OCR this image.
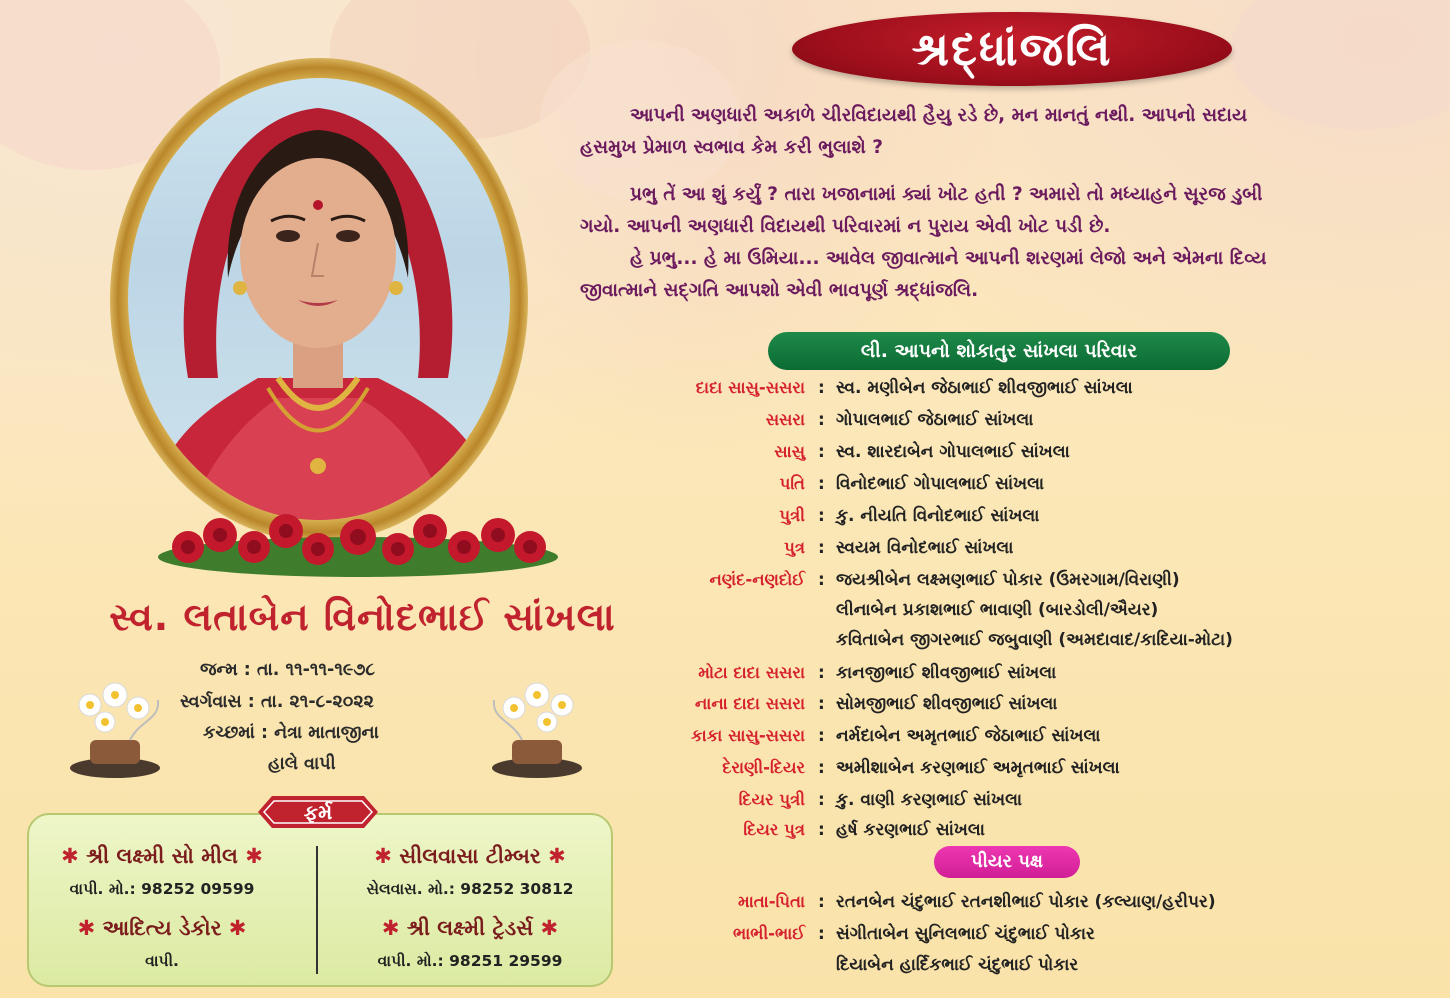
શ્રદ્ધાંજલિ
આપની અણધારી અકાળે ચીરવિદાયથી હૈયુ રડે છે, મન માનતું નથી. આપનો સદાય
હસમુખ પ્રેમાળ સ્વભાવ કેમ કરી ભુલાશે ?
પ્રભુ તેં આ શું કર્યું ? તારા ખજાનામાં ક્યાં ખોટ હતી ? અમારો તો મધ્યાહને સૂરજ ડુબી
ગયો. આપની અણધારી વિદાયથી પરિવારમાં ન પુરાય એવી ખોટ પડી છે.
હે પ્રભુ... હે મા ઉમિયા... આવેલ જીવાત્માને આપની શરણમાં લેજો અને એમના દિવ્ય
જીવાત્માને સદ્ગતિ આપશો એવી ભાવપૂર્ણ શ્રદ્ધાંજલિ.
સ્વ. લતાબેન વિનોદભાઈ સાંખલા
જન્મ : તા. ૧૧-૧૧-૧૯૭૮
સ્વર્ગવાસ : તા. ૨૧-૮-૨૦૨૨
કચ્છમાં : નેત્રા માતાજીના
હાલે વાપી
ફર્મ
✱ શ્રી લક્ષ્મી સો મીલ ✱
વાપી. મો.: 98252 09599
✱ સીલવાસા ટીમ્બર ✱
સેલવાસ. મો.: 98252 30812
✱ આદિત્ય ડેકોર ✱
વાપી.
✱ શ્રી લક્ષ્મી ટ્રેડર્સ ✱
વાપી. મો.: 98251 29599
લી. આપનો શોકાતુર સાંખલા પરિવાર
દાદા સાસુ-સસરા : સ્વ. મણીબેન જેઠાભાઈ શીવજીભાઈ સાંખલા
સસરા : ગોપાલભાઈ જેઠાભાઈ સાંખલા
સાસુ : સ્વ. શારદાબેન ગોપાલભાઈ સાંખલા
પતિ : વિનોદભાઈ ગોપાલભાઈ સાંખલા
પુત્રી : કુ. નીયતિ વિનોદભાઈ સાંખલા
પુત્ર : સ્વયમ વિનોદભાઈ સાંખલા
નણંદ-નણદોઈ : જયશ્રીબેન લક્ષ્મણભાઈ પોકાર (ઉમરગામ/વિરાણી)
લીનાબેન પ્રકાશભાઈ ભાવાણી (બારડોલી/ઐયર)
કવિતાબેન જીગરભાઈ જબુવાણી (અમદાવાદ/કાદિયા-મોટા)
મોટા દાદા સસરા : કાનજીભાઈ શીવજીભાઈ સાંખલા
નાના દાદા સસરા : સોમજીભાઈ શીવજીભાઈ સાંખલા
કાકા સાસુ-સસરા : નર્મદાબેન અમૃતભાઈ જેઠાભાઈ સાંખલા
દેરાણી-દિયર : અમીશાબેન કરણભાઈ અમૃતભાઈ સાંખલા
દિયર પુત્રી : કુ. વાણી કરણભાઈ સાંખલા
દિયર પુત્ર : હર્ષ કરણભાઈ સાંખલા
પીયર પક્ષ
માતા-પિતા : રતનબેન ચંદુભાઈ રતનશીભાઈ પોકાર (કલ્યાણ/હરીપર)
ભાભી-ભાઈ : સંગીતાબેન સુનિલભાઈ ચંદુભાઈ પોકાર
દિયાબેન હાર્દિકભાઈ ચંદુભાઈ પોકાર
